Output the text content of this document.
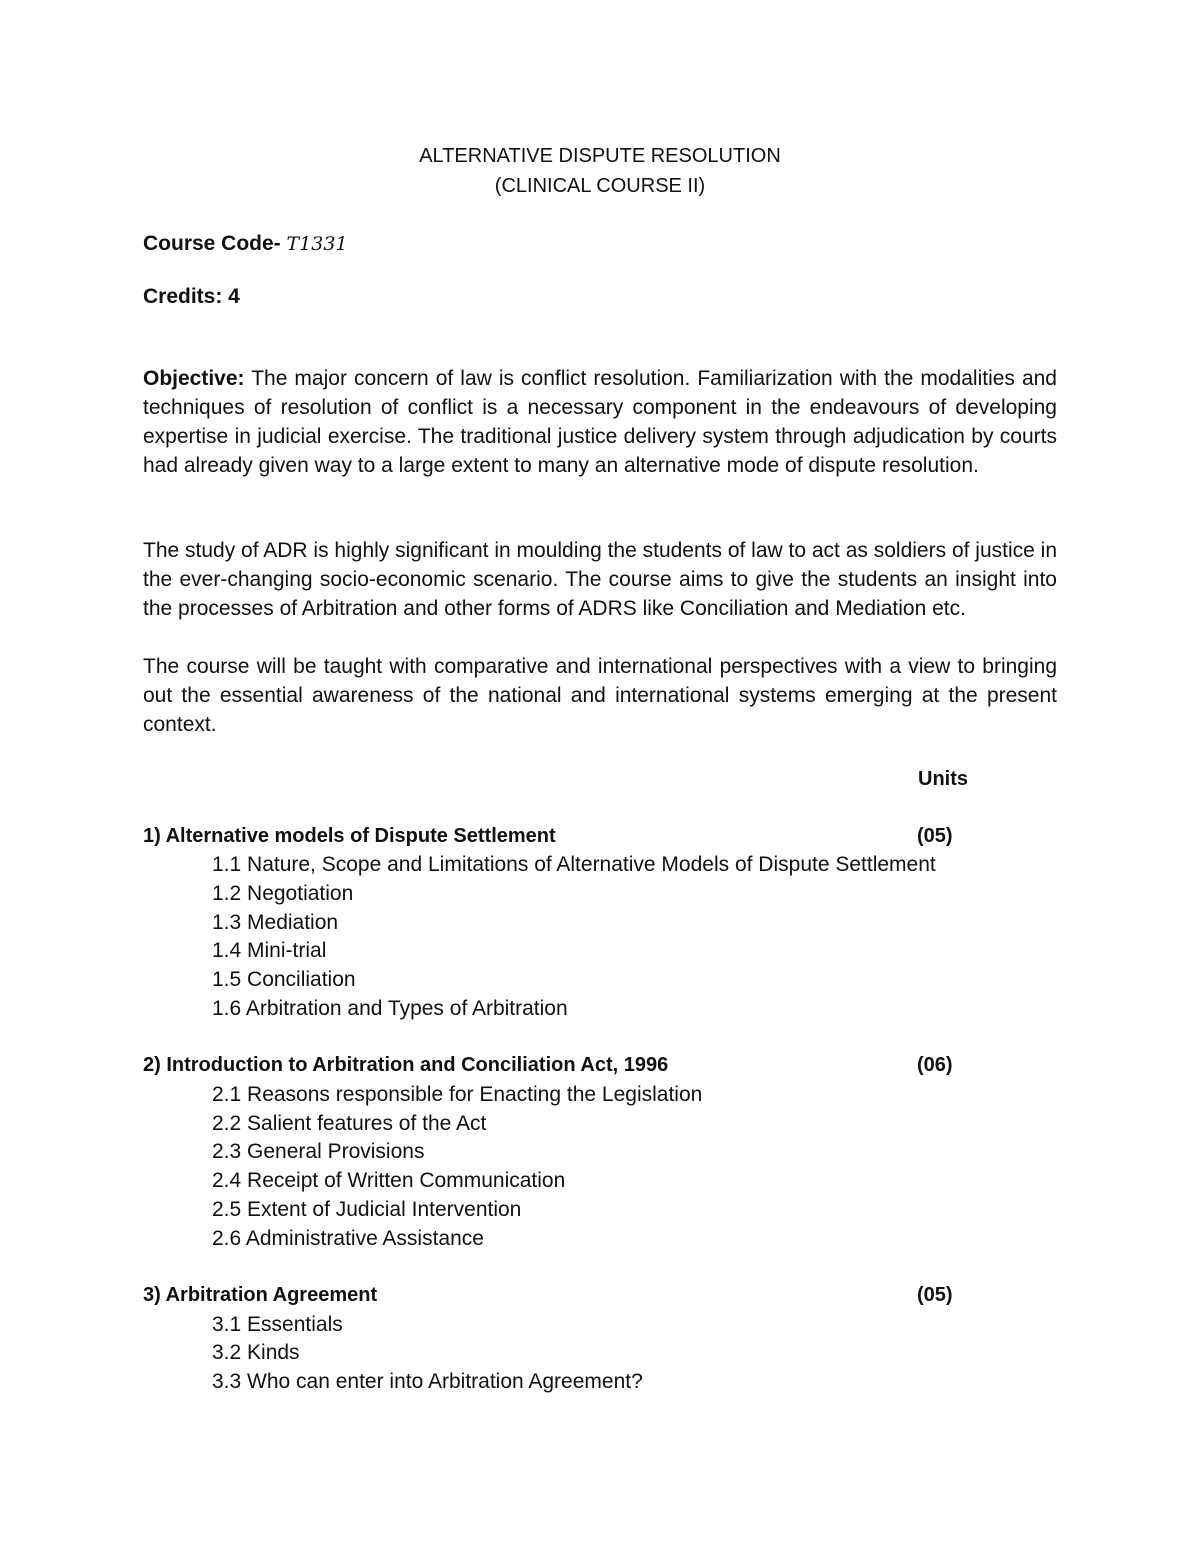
ALTERNATIVE DISPUTE RESOLUTION
(CLINICAL COURSE II)
Course Code- T1331
Credits: 4
Objective: The major concern of law is conflict resolution. Familiarization with the modalities and techniques of resolution of conflict is a necessary component in the endeavours of developing expertise in judicial exercise. The traditional justice delivery system through adjudication by courts had already given way to a large extent to many an alternative mode of dispute resolution.
The study of ADR is highly significant in moulding the students of law to act as soldiers of justice in the ever-changing socio-economic scenario. The course aims to give the students an insight into the processes of Arbitration and other forms of ADRS like Conciliation and Mediation etc.
The course will be taught with comparative and international perspectives with a view to bringing out the essential awareness of the national and international systems emerging at the present context.
Units
1) Alternative models of Dispute Settlement	(05)
1.1 Nature, Scope and Limitations of Alternative Models of Dispute Settlement
1.2 Negotiation
1.3 Mediation
1.4 Mini-trial
1.5 Conciliation
1.6 Arbitration and Types of Arbitration
2) Introduction to Arbitration and Conciliation Act, 1996	(06)
2.1 Reasons responsible for Enacting the Legislation
2.2 Salient features of the Act
2.3 General Provisions
2.4 Receipt of Written Communication
2.5 Extent of Judicial Intervention
2.6 Administrative Assistance
3) Arbitration Agreement	(05)
3.1 Essentials
3.2 Kinds
3.3 Who can enter into Arbitration Agreement?
